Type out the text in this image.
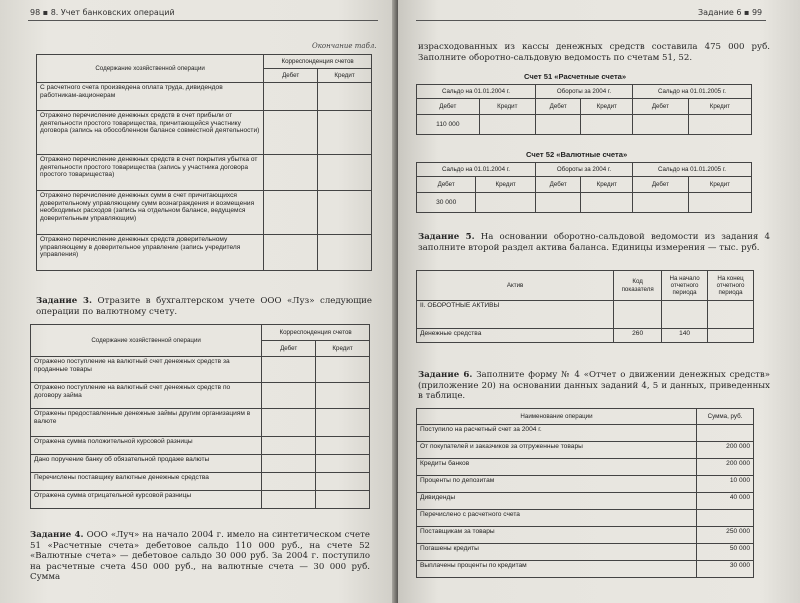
98 ▪ 8. Учет банковских операций
Окончание табл.
Содержание хозяйственной операции	Корреспонденция счетов	
	Дебет	Кредит
С расчетного счета произведена оплата труда, дивидендов работникам-акционерам		
Отражено перечисление денежных средств в счет прибыли от деятельности простого товарищества, причитающейся участнику договора (запись на обособленном балансе совместной деятельности)		
Отражено перечисление денежных средств в счет покрытия убытка от деятельности простого товарищества (запись у участника договора простого товарищества)		
Отражено перечисление денежных сумм в счет причитающихся доверительному управляющему сумм вознаграждения и возмещения необходимых расходов (запись на отдельном балансе, ведущемся доверительным управляющим)		
Отражено перечисление денежных средств доверительному управляющему в доверительное управление (запись учредителя управления)		
Задание 3. Отразите в бухгалтерском учете ООО «Луз» следующие операции по валютному счету.
Содержание хозяйственной операции	Корреспонденция счетов	
	Дебет	Кредит
Отражено поступление на валютный счет денежных средств за проданные товары		
Отражено поступление на валютный счет денежных средств по договору займа		
Отражены предоставленные денежные займы другим организациям в валюте		
Отражена сумма положительной курсовой разницы		
Дано поручение банку об обязательной продаже валюты		
Перечислены поставщику валютные денежные средства		
Отражена сумма отрицательной курсовой разницы		
Задание 4. ООО «Луч» на начало 2004 г. имело на синтетическом счете 51 «Расчетные счета» дебетовое сальдо 110 000 руб., на счете 52 «Валютные счета» — дебетовое сальдо 30 000 руб. За 2004 г. поступило на расчетные счета 450 000 руб., на валютные счета — 30 000 руб. Сумма
Задание 6 ▪ 99
израсходованных из кассы денежных средств составила 475 000 руб. Заполните оборотно-сальдовую ведомость по счетам 51, 52.
Счет 51 «Расчетные счета»
Сальдо на 01.01.2004 г.		Обороты за 2004 г.		Сальдо на 01.01.2005 г.	
Дебет	Кредит	Дебет	Кредит	Дебет	Кредит
110 000					
Счет 52 «Валютные счета»
Сальдо на 01.01.2004 г.		Обороты за 2004 г.		Сальдо на 01.01.2005 г.	
Дебет	Кредит	Дебет	Кредит	Дебет	Кредит
30 000					
Задание 5. На основании оборотно-сальдовой ведомости из задания 4 заполните второй раздел актива баланса. Единицы измерения — тыс. руб.
Актив	Код показателя	На начало отчетного периода	На конец отчетного периода
II. ОБОРОТНЫЕ АКТИВЫ			
Денежные средства	260	140	
Задание 6. Заполните форму № 4 «Отчет о движении денежных средств» (приложение 20) на основании данных заданий 4, 5 и данных, приведенных в таблице.
Наименование операции	Сумма, руб.
Поступило на расчетный счет за 2004 г.	
От покупателей и заказчиков за отгруженные товары	200 000
Кредиты банков	200 000
Проценты по депозитам	10 000
Дивиденды	40 000
Перечислено с расчетного счета	
Поставщикам за товары	250 000
Погашены кредиты	50 000
Выплачены проценты по кредитам	30 000
